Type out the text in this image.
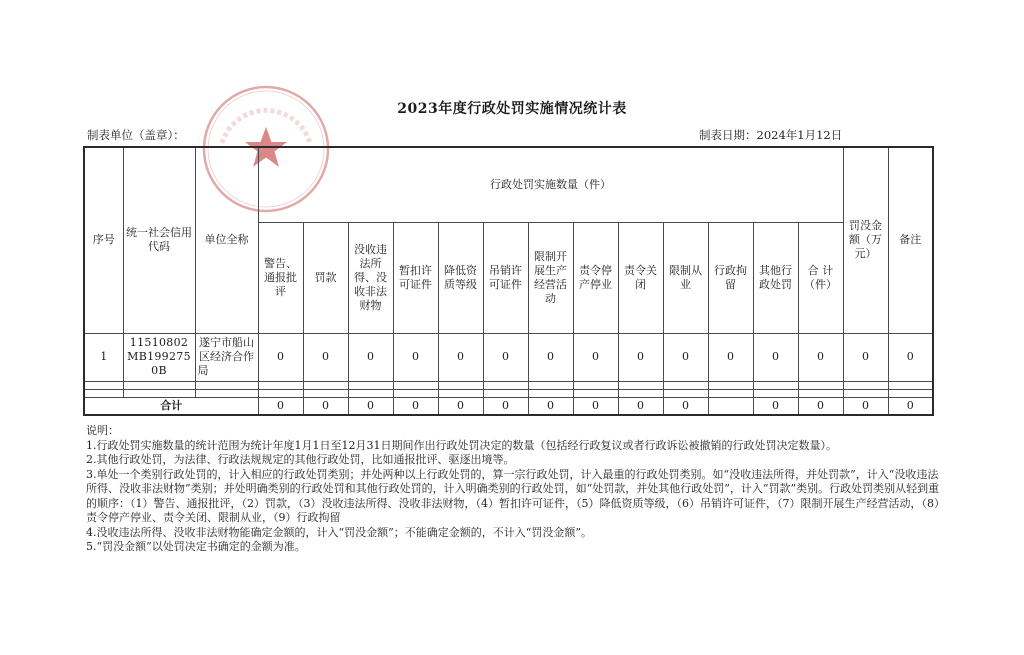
2023年度行政处罚实施情况统计表
制表单位（盖章）：	制表日期：2024年1月12日
序号	统一社会信用代码	单位全称	行政处罚实施数量（件）													罚没金额（万元）	备注
			警告、通报批评	罚款	没收违法所得、没收非法财物	暂扣许可证件	降低资质等级	吊销许可证件	限制开展生产经营活动	责令停产停业	责令关闭	限制从业	行政拘留	其他行政处罚	合 计（件）		
1	11510802MB1992750B	遂宁市船山区经济合作局	0	0	0	0	0	0	0	0	0	0	0	0	0	0	0

合计			0	0	0	0	0	0	0	0	0	0		0	0	0	0

说明：

1.行政处罚实施数量的统计范围为统计年度1月1日至12月31日期间作出行政处罚决定的数量（包括经行政复议或者行政诉讼被撤销的行政处罚决定数量）。

2.其他行政处罚，为法律、行政法规规定的其他行政处罚，比如通报批评、驱逐出境等。

3.单处一个类别行政处罚的，计入相应的行政处罚类别；并处两种以上行政处罚的，算一宗行政处罚，计入最重的行政处罚类别。如“没收违法所得，并处罚款”，计入“没收违法所得、没收非法财物”类别；并处明确类别的行政处罚和其他行政处罚的，计入明确类别的行政处罚，如“处罚款，并处其他行政处罚”，计入“罚款”类别。行政处罚类别从轻到重的顺序：（1）警告、通报批评，（2）罚款，（3）没收违法所得、没收非法财物，（4）暂扣许可证件，（5）降低资质等级，（6）吊销许可证件，（7）限制开展生产经营活动，（8）责令停产停业、责令关闭、限制从业，（9）行政拘留

4.没收违法所得、没收非法财物能确定金额的，计入“罚没金额”；不能确定金额的，不计入“罚没金额”。

5.“罚没金额”以处罚决定书确定的金额为准。
